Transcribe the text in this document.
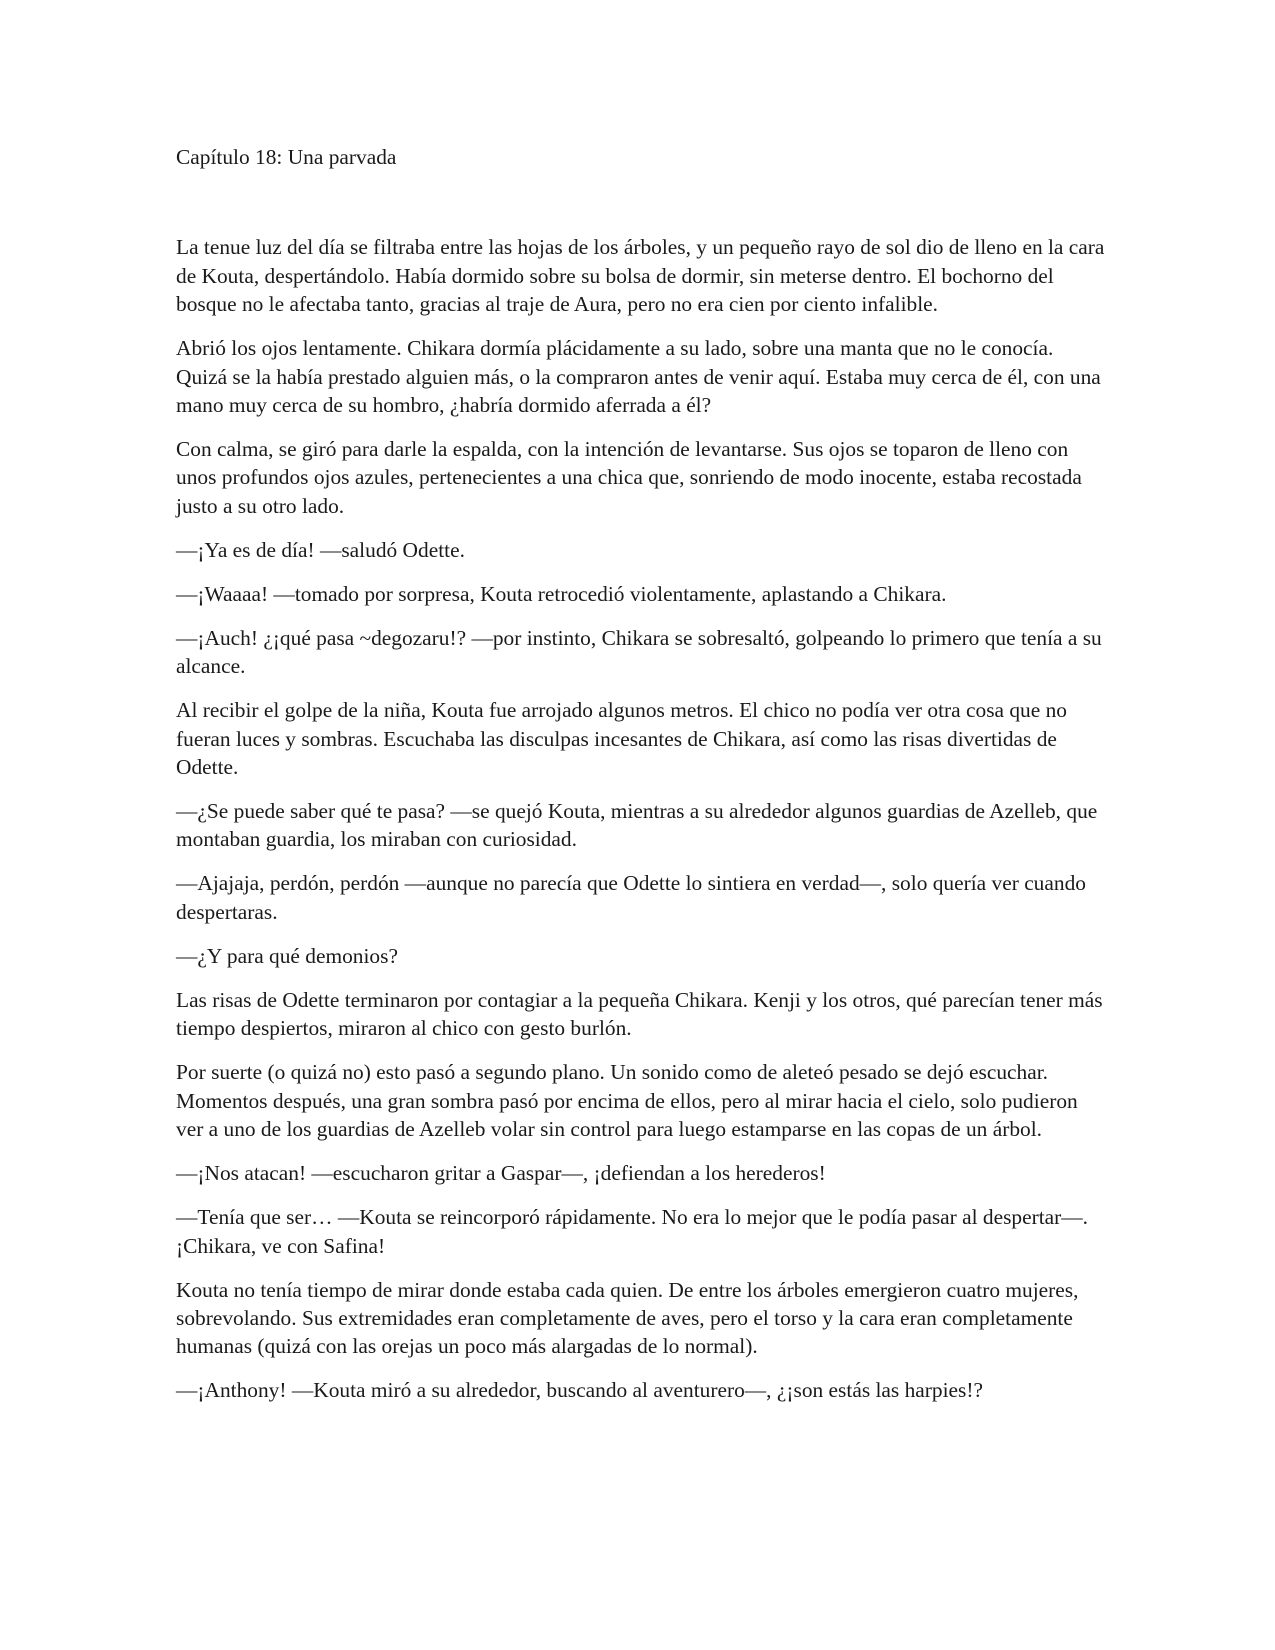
Capítulo 18: Una parvada

La tenue luz del día se filtraba entre las hojas de los árboles, y un pequeño rayo de sol dio de lleno en la cara de Kouta, despertándolo. Había dormido sobre su bolsa de dormir, sin meterse dentro. El bochorno del bosque no le afectaba tanto, gracias al traje de Aura, pero no era cien por ciento infalible.

Abrió los ojos lentamente. Chikara dormía plácidamente a su lado, sobre una manta que no le conocía. Quizá se la había prestado alguien más, o la compraron antes de venir aquí. Estaba muy cerca de él, con una mano muy cerca de su hombro, ¿habría dormido aferrada a él?

Con calma, se giró para darle la espalda, con la intención de levantarse. Sus ojos se toparon de lleno con unos profundos ojos azules, pertenecientes a una chica que, sonriendo de modo inocente, estaba recostada justo a su otro lado.

—¡Ya es de día! —saludó Odette.

—¡Waaaa! —tomado por sorpresa, Kouta retrocedió violentamente, aplastando a Chikara.

—¡Auch! ¿¡qué pasa ~degozaru!? —por instinto, Chikara se sobresaltó, golpeando lo primero que tenía a su alcance.

Al recibir el golpe de la niña, Kouta fue arrojado algunos metros. El chico no podía ver otra cosa que no fueran luces y sombras. Escuchaba las disculpas incesantes de Chikara, así como las risas divertidas de Odette.

—¿Se puede saber qué te pasa? —se quejó Kouta, mientras a su alrededor algunos guardias de Azelleb, que montaban guardia, los miraban con curiosidad.

—Ajajaja, perdón, perdón —aunque no parecía que Odette lo sintiera en verdad—, solo quería ver cuando despertaras.

—¿Y para qué demonios?

Las risas de Odette terminaron por contagiar a la pequeña Chikara. Kenji y los otros, qué parecían tener más tiempo despiertos, miraron al chico con gesto burlón.

Por suerte (o quizá no) esto pasó a segundo plano. Un sonido como de aleteó pesado se dejó escuchar. Momentos después, una gran sombra pasó por encima de ellos, pero al mirar hacia el cielo, solo pudieron ver a uno de los guardias de Azelleb volar sin control para luego estamparse en las copas de un árbol.

—¡Nos atacan! —escucharon gritar a Gaspar—, ¡defiendan a los herederos!

—Tenía que ser… —Kouta se reincorporó rápidamente. No era lo mejor que le podía pasar al despertar—. ¡Chikara, ve con Safina!

Kouta no tenía tiempo de mirar donde estaba cada quien. De entre los árboles emergieron cuatro mujeres, sobrevolando. Sus extremidades eran completamente de aves, pero el torso y la cara eran completamente humanas (quizá con las orejas un poco más alargadas de lo normal).

—¡Anthony! —Kouta miró a su alrededor, buscando al aventurero—, ¿¡son estás las harpies!?
